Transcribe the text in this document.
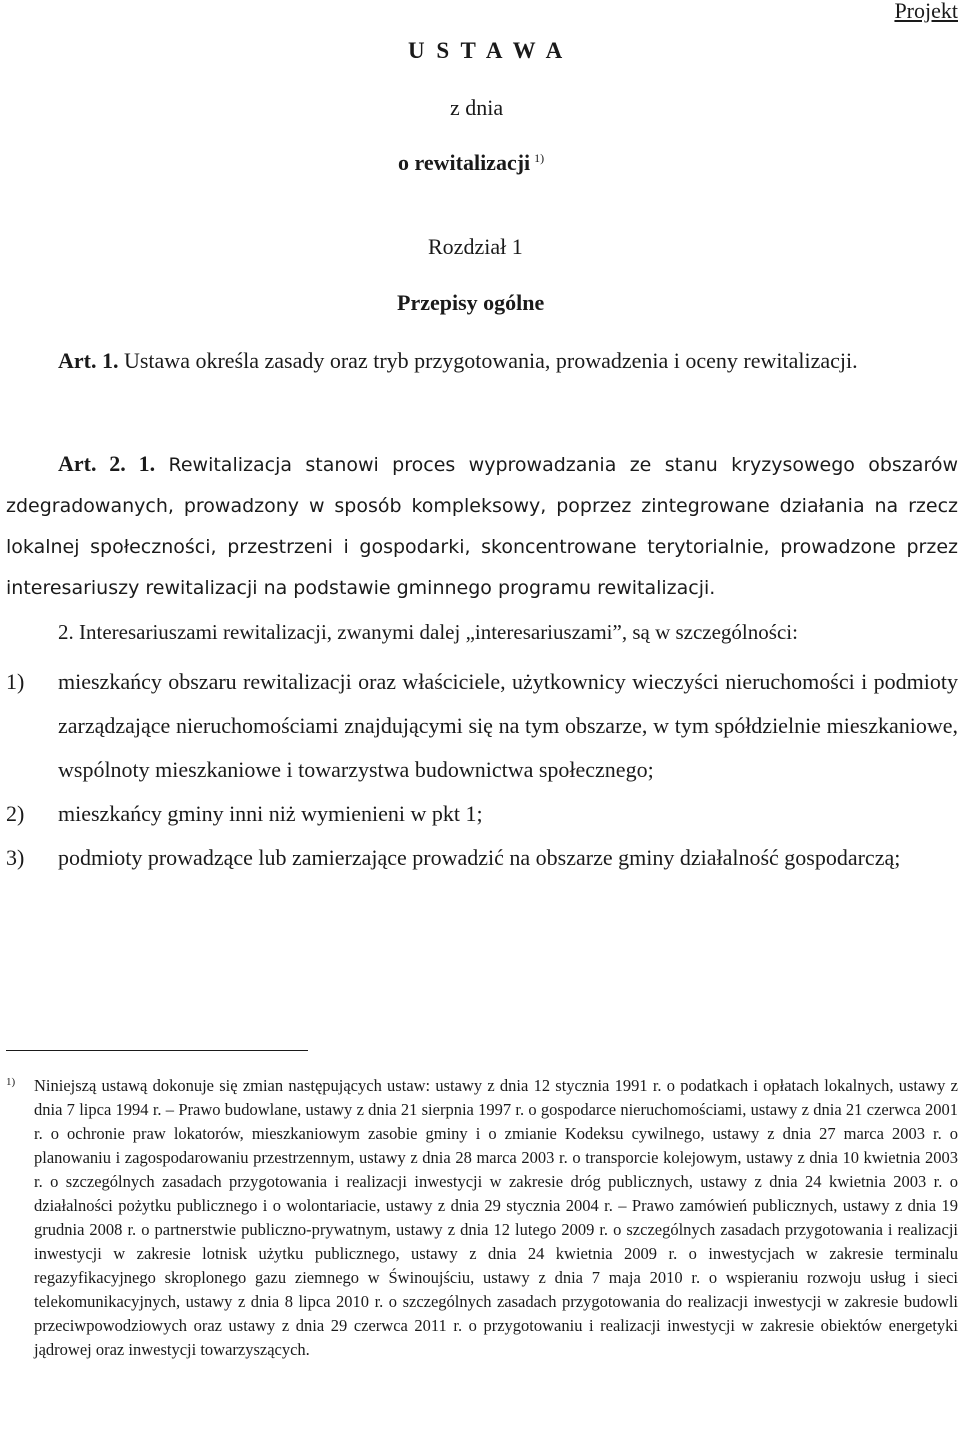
Projekt
U S T A W A
z dnia
o rewitalizacji $^{1)}$
Rozdział 1
Przepisy ogólne
Art. 1. Ustawa określa zasady oraz tryb przygotowania, prowadzenia i oceny rewitalizacji.
Art. 2. 1. Rewitalizacja stanowi proces wyprowadzania ze stanu kryzysowego obszarów zdegradowanych, prowadzony w sposób kompleksowy, poprzez zintegrowane działania na rzecz lokalnej społeczności, przestrzeni i gospodarki, skoncentrowane terytorialnie, prowadzone przez interesariuszy rewitalizacji na podstawie gminnego programu rewitalizacji.
2. Interesariuszami rewitalizacji, zwanymi dalej „interesariuszami”, są w szczególności:
1) mieszkańcy obszaru rewitalizacji oraz właściciele, użytkownicy wieczyści nieruchomości i podmioty zarządzające nieruchomościami znajdującymi się na tym obszarze, w tym spółdzielnie mieszkaniowe, wspólnoty mieszkaniowe i towarzystwa budownictwa społecznego;
2) mieszkańcy gminy inni niż wymienieni w pkt 1;
3) podmioty prowadzące lub zamierzające prowadzić na obszarze gminy działalność gospodarczą;
1) Niniejszą ustawą dokonuje się zmian następujących ustaw: ustawy z dnia 12 stycznia 1991 r. o podatkach i opłatach lokalnych, ustawy z dnia 7 lipca 1994 r. – Prawo budowlane, ustawy z dnia 21 sierpnia 1997 r. o gospodarce nieruchomościami, ustawy z dnia 21 czerwca 2001 r. o ochronie praw lokatorów, mieszkaniowym zasobie gminy i o zmianie Kodeksu cywilnego, ustawy z dnia 27 marca 2003 r. o planowaniu i zagospodarowaniu przestrzennym, ustawy z dnia 28 marca 2003 r. o transporcie kolejowym, ustawy z dnia 10 kwietnia 2003 r. o szczególnych zasadach przygotowania i realizacji inwestycji w zakresie dróg publicznych, ustawy z dnia 24 kwietnia 2003 r. o działalności pożytku publicznego i o wolontariacie, ustawy z dnia 29 stycznia 2004 r. – Prawo zamówień publicznych, ustawy z dnia 19 grudnia 2008 r. o partnerstwie publiczno-prywatnym, ustawy z dnia 12 lutego 2009 r. o szczególnych zasadach przygotowania i realizacji inwestycji w zakresie lotnisk użytku publicznego, ustawy z dnia 24 kwietnia 2009 r. o inwestycjach w zakresie terminalu regazyfikacyjnego skroplonego gazu ziemnego w Świnoujściu, ustawy z dnia 7 maja 2010 r. o wspieraniu rozwoju usług i sieci telekomunikacyjnych, ustawy z dnia 8 lipca 2010 r. o szczególnych zasadach przygotowania do realizacji inwestycji w zakresie budowli przeciwpowodziowych oraz ustawy z dnia 29 czerwca 2011 r. o przygotowaniu i realizacji inwestycji w zakresie obiektów energetyki jądrowej oraz inwestycji towarzyszących.
